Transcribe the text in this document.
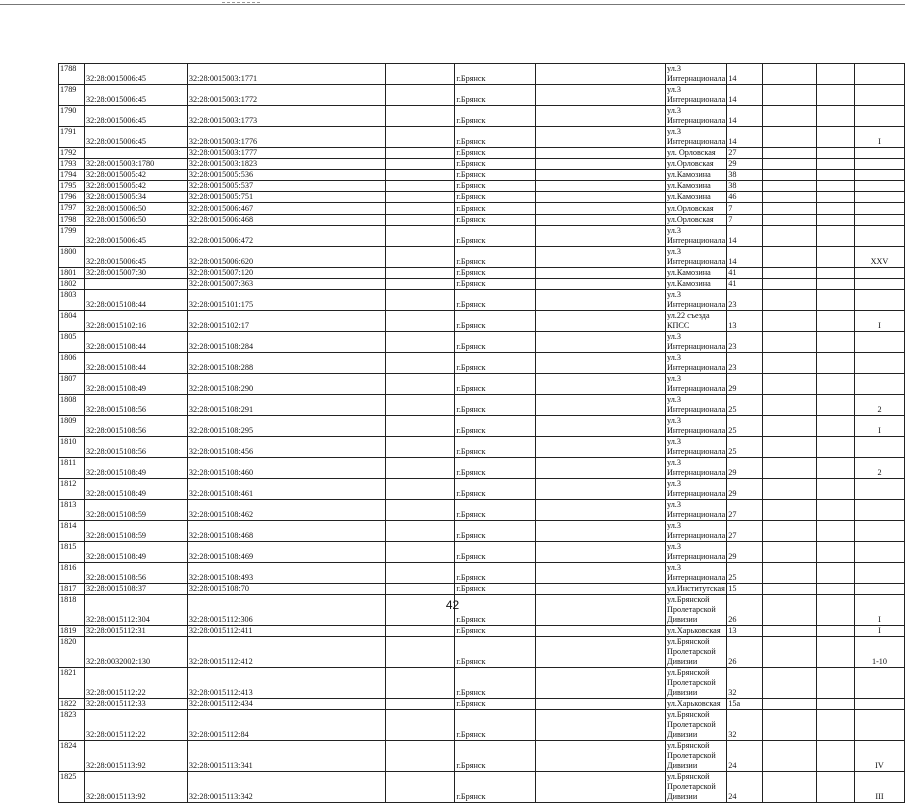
1788	32:28:0015006:45	32:28:0015003:1771		г.Брянск		ул.3 Интернационала	14			
1789	32:28:0015006:45	32:28:0015003:1772		г.Брянск		ул.3 Интернационала	14			
1790	32:28:0015006:45	32:28:0015003:1773		г.Брянск		ул.3 Интернационала	14			
1791	32:28:0015006:45	32:28:0015003:1776		г.Брянск		ул.3 Интернационала	14			I
1792		32:28:0015003:1777		г.Брянск		ул. Орловская	27			
1793	32:28:0015003:1780	32:28:0015003:1823		г.Брянск		ул.Орловская	29			
1794	32:28:0015005:42	32:28:0015005:536		г.Брянск		ул.Камозина	38			
1795	32:28:0015005:42	32:28:0015005:537		г.Брянск		ул.Камозина	38			
1796	32:28:0015005:34	32:28:0015005:751		г.Брянск		ул.Камозина	46			
1797	32:28:0015006:50	32:28:0015006:467		г.Брянск		ул.Орловская	7			
1798	32:28:0015006:50	32:28:0015006:468		г.Брянск		ул.Орловская	7			
1799	32:28:0015006:45	32:28:0015006:472		г.Брянск		ул.3 Интернационала	14			
1800	32:28:0015006:45	32:28:0015006:620		г.Брянск		ул.3 Интернационала	14			XXV
1801	32:28:0015007:30	32:28:0015007:120		г.Брянск		ул.Камозина	41			
1802		32:28:0015007:363		г.Брянск		ул.Камозина	41			
1803	32:28:0015108:44	32:28:0015101:175		г.Брянск		ул.3 Интернационала	23			
1804	32:28:0015102:16	32:28:0015102:17		г.Брянск		ул.22 съезда КПСС	13			I
1805	32:28:0015108:44	32:28:0015108:284		г.Брянск		ул.3 Интернационала	23			
1806	32:28:0015108:44	32:28:0015108:288		г.Брянск		ул.3 Интернационала	23			
1807	32:28:0015108:49	32:28:0015108:290		г.Брянск		ул.3 Интернационала	29			
1808	32:28:0015108:56	32:28:0015108:291		г.Брянск		ул.3 Интернационала	25			2
1809	32:28:0015108:56	32:28:0015108:295		г.Брянск		ул.3 Интернационала	25			I
1810	32:28:0015108:56	32:28:0015108:456		г.Брянск		ул.3 Интернационала	25			
1811	32:28:0015108:49	32:28:0015108:460		г.Брянск		ул.3 Интернационала	29			2
1812	32:28:0015108:49	32:28:0015108:461		г.Брянск		ул.3 Интернационала	29			
1813	32:28:0015108:59	32:28:0015108:462		г.Брянск		ул.3 Интернационала	27			
1814	32:28:0015108:59	32:28:0015108:468		г.Брянск		ул.3 Интернационала	27			
1815	32:28:0015108:49	32:28:0015108:469		г.Брянск		ул.3 Интернационала	29			
1816	32:28:0015108:56	32:28:0015108:493		г.Брянск		ул.3 Интернационала	25			
1817	32:28:0015108:37	32:28:0015108:70		г.Брянск		ул.Институтская	15			
1818	32:28:0015112:304	32:28:0015112:306		г.Брянск		ул.Брянской Пролетарской Дивизии	26			I
1819	32:28:0015112:31	32:28:0015112:411		г.Брянск		ул.Харьковская	13			I
1820	32:28:0032002:130	32:28:0015112:412		г.Брянск		ул.Брянской Пролетарской Дивизии	26			1-10
1821	32:28:0015112:22	32:28:0015112:413		г.Брянск		ул.Брянской Пролетарской Дивизии	32			
1822	32:28:0015112:33	32:28:0015112:434		г.Брянск		ул.Харьковская	15а			
1823	32:28:0015112:22	32:28:0015112:84		г.Брянск		ул.Брянской Пролетарской Дивизии	32			
1824	32:28:0015113:92	32:28:0015113:341		г.Брянск		ул.Брянской Пролетарской Дивизии	24			IV
1825	32:28:0015113:92	32:28:0015113:342		г.Брянск		ул.Брянской Пролетарской Дивизии	24			III
42
